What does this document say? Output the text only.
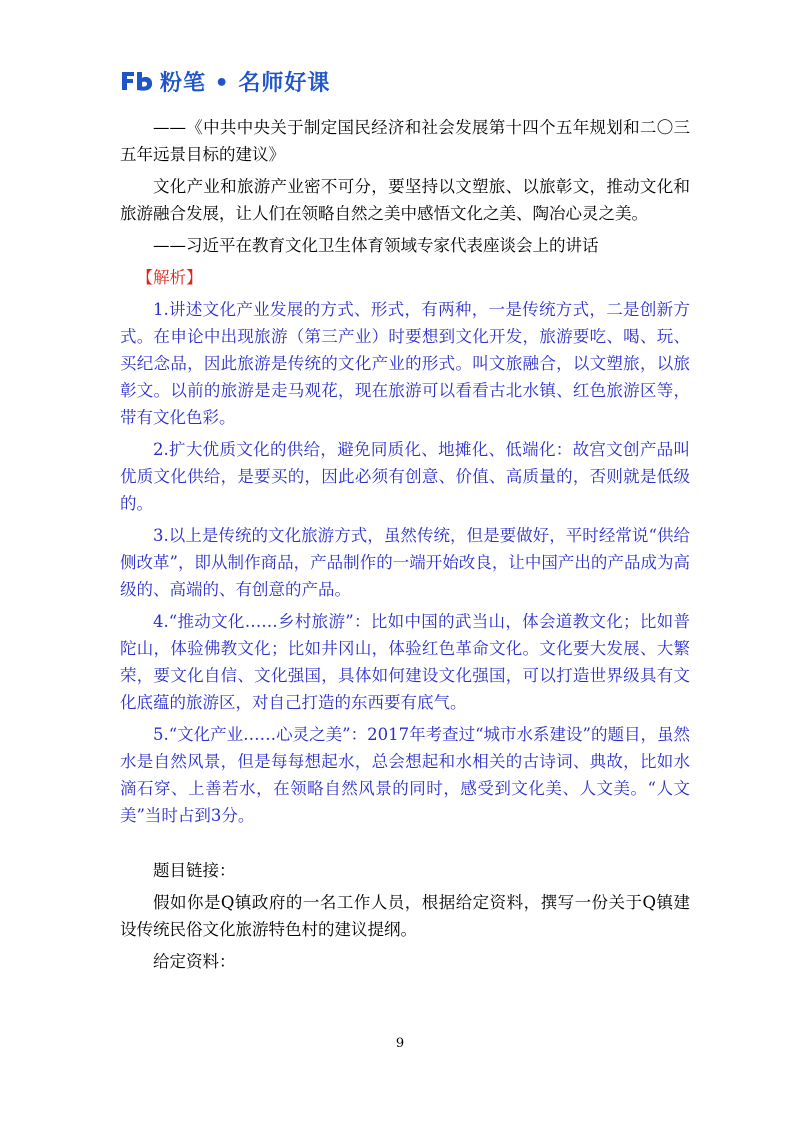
粉笔 • 名师好课

——《中共中央关于制定国民经济和社会发展第十四个五年规划和二〇三五年远景目标的建议》

文化产业和旅游产业密不可分，要坚持以文塑旅、以旅彰文，推动文化和旅游融合发展，让人们在领略自然之美中感悟文化之美、陶冶心灵之美。

——习近平在教育文化卫生体育领域专家代表座谈会上的讲话

【解析】

1.讲述文化产业发展的方式、形式，有两种，一是传统方式，二是创新方式。在申论中出现旅游（第三产业）时要想到文化开发，旅游要吃、喝、玩、买纪念品，因此旅游是传统的文化产业的形式。叫文旅融合，以文塑旅，以旅彰文。以前的旅游是走马观花，现在旅游可以看看古北水镇、红色旅游区等，带有文化色彩。

2.扩大优质文化的供给，避免同质化、地摊化、低端化：故宫文创产品叫优质文化供给，是要买的，因此必须有创意、价值、高质量的，否则就是低级的。

3.以上是传统的文化旅游方式，虽然传统，但是要做好，平时经常说“供给侧改革”，即从制作商品，产品制作的一端开始改良，让中国产出的产品成为高级的、高端的、有创意的产品。

4.“推动文化……乡村旅游”：比如中国的武当山，体会道教文化；比如普陀山，体验佛教文化；比如井冈山，体验红色革命文化。文化要大发展、大繁荣，要文化自信、文化强国，具体如何建设文化强国，可以打造世界级具有文化底蕴的旅游区，对自己打造的东西要有底气。

5.“文化产业……心灵之美”：2017年考查过“城市水系建设”的题目，虽然水是自然风景，但是每每想起水，总会想起和水相关的古诗词、典故，比如水滴石穿、上善若水，在领略自然风景的同时，感受到文化美、人文美。“人文美”当时占到3分。

题目链接：

假如你是Q镇政府的一名工作人员，根据给定资料，撰写一份关于Q镇建设传统民俗文化旅游特色村的建议提纲。

给定资料：

9
